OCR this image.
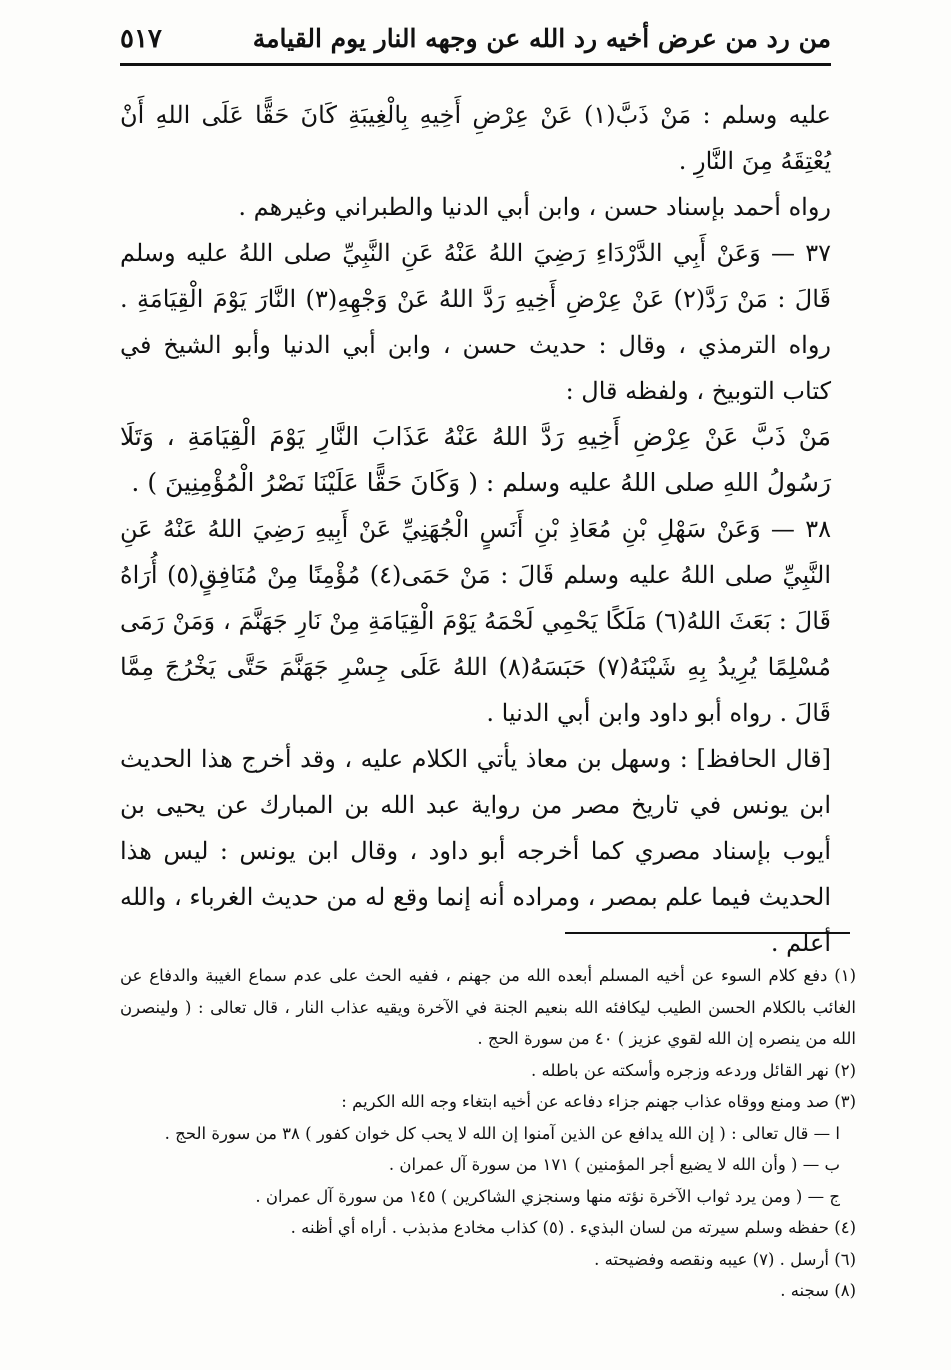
من رد من عرض أخيه رد الله عن وجهه النار يوم القيامة
٥١٧

عليه وسلم : مَنْ ذَبَّ(١) عَنْ عِرْضِ أَخِيهِ بِالْغِيبَةِ كَانَ حَقًّا عَلَى اللهِ أَنْ يُعْتِقَهُ مِنَ النَّارِ .

رواه أحمد بإسناد حسن ، وابن أبي الدنيا والطبراني وغيرهم .

٣٧ — وَعَنْ أَبِي الدَّرْدَاءِ رَضِيَ اللهُ عَنْهُ عَنِ النَّبِيِّ صلى اللهُ عليه وسلم قَالَ : مَنْ رَدَّ(٢) عَنْ عِرْضِ أَخِيهِ رَدَّ اللهُ عَنْ وَجْهِهِ(٣) النَّارَ يَوْمَ الْقِيَامَةِ . رواه الترمذي ، وقال : حديث حسن ، وابن أبي الدنيا وأبو الشيخ في كتاب التوبيخ ، ولفظه قال :

مَنْ ذَبَّ عَنْ عِرْضِ أَخِيهِ رَدَّ اللهُ عَنْهُ عَذَابَ النَّارِ يَوْمَ الْقِيَامَةِ ، وَتَلَا رَسُولُ اللهِ صلى اللهُ عليه وسلم : ( وَكَانَ حَقًّا عَلَيْنَا نَصْرُ الْمُؤْمِنِينَ ) .

٣٨ — وَعَنْ سَهْلِ بْنِ مُعَاذِ بْنِ أَنَسٍ الْجُهَنِيِّ عَنْ أَبِيهِ رَضِيَ اللهُ عَنْهُ عَنِ النَّبِيِّ صلى اللهُ عليه وسلم قَالَ : مَنْ حَمَى(٤) مُؤْمِنًا مِنْ مُنَافِقٍ(٥) أُرَاهُ قَالَ : بَعَثَ اللهُ(٦) مَلَكًا يَحْمِي لَحْمَهُ يَوْمَ الْقِيَامَةِ مِنْ نَارِ جَهَنَّمَ ، وَمَنْ رَمَى مُسْلِمًا يُرِيدُ بِهِ شَيْنَهُ(٧) حَبَسَهُ(٨) اللهُ عَلَى جِسْرِ جَهَنَّمَ حَتَّى يَخْرُجَ مِمَّا قَالَ . رواه أبو داود وابن أبي الدنيا .

[قال الحافظ] : وسهل بن معاذ يأتي الكلام عليه ، وقد أخرج هذا الحديث ابن يونس في تاريخ مصر من رواية عبد الله بن المبارك عن يحيى بن أيوب بإسناد مصري كما أخرجه أبو داود ، وقال ابن يونس : ليس هذا الحديث فيما علم بمصر ، ومراده أنه إنما وقع له من حديث الغرباء ، والله أعلم .

(١) دفع كلام السوء عن أخيه المسلم أبعده الله من جهنم ، ففيه الحث على عدم سماع الغيبة والدفاع عن الغائب بالكلام الحسن الطيب ليكافئه الله بنعيم الجنة في الآخرة ويقيه عذاب النار ، قال تعالى : ( ولينصرن الله من ينصره إن الله لقوي عزيز ) ٤٠ من سورة الحج .

(٢) نهر القائل وردعه وزجره وأسكته عن باطله .

(٣) صد ومنع ووقاه عذاب جهنم جزاء دفاعه عن أخيه ابتغاء وجه الله الكريم :

ا — قال تعالى : ( إن الله يدافع عن الذين آمنوا إن الله لا يحب كل خوان كفور ) ٣٨ من سورة الحج .

ب — ( وأن الله لا يضيع أجر المؤمنين ) ١٧١ من سورة آل عمران .

ج — ( ومن يرد ثواب الآخرة نؤته منها وسنجزي الشاكرين ) ١٤٥ من سورة آل عمران .

(٤) حفظه وسلم سيرته من لسان البذيء . (٥) كذاب مخادع مذبذب . أراه أي أظنه .

(٦) أرسل . (٧) عيبه ونقصه وفضيحته .

(٨) سجنه .
